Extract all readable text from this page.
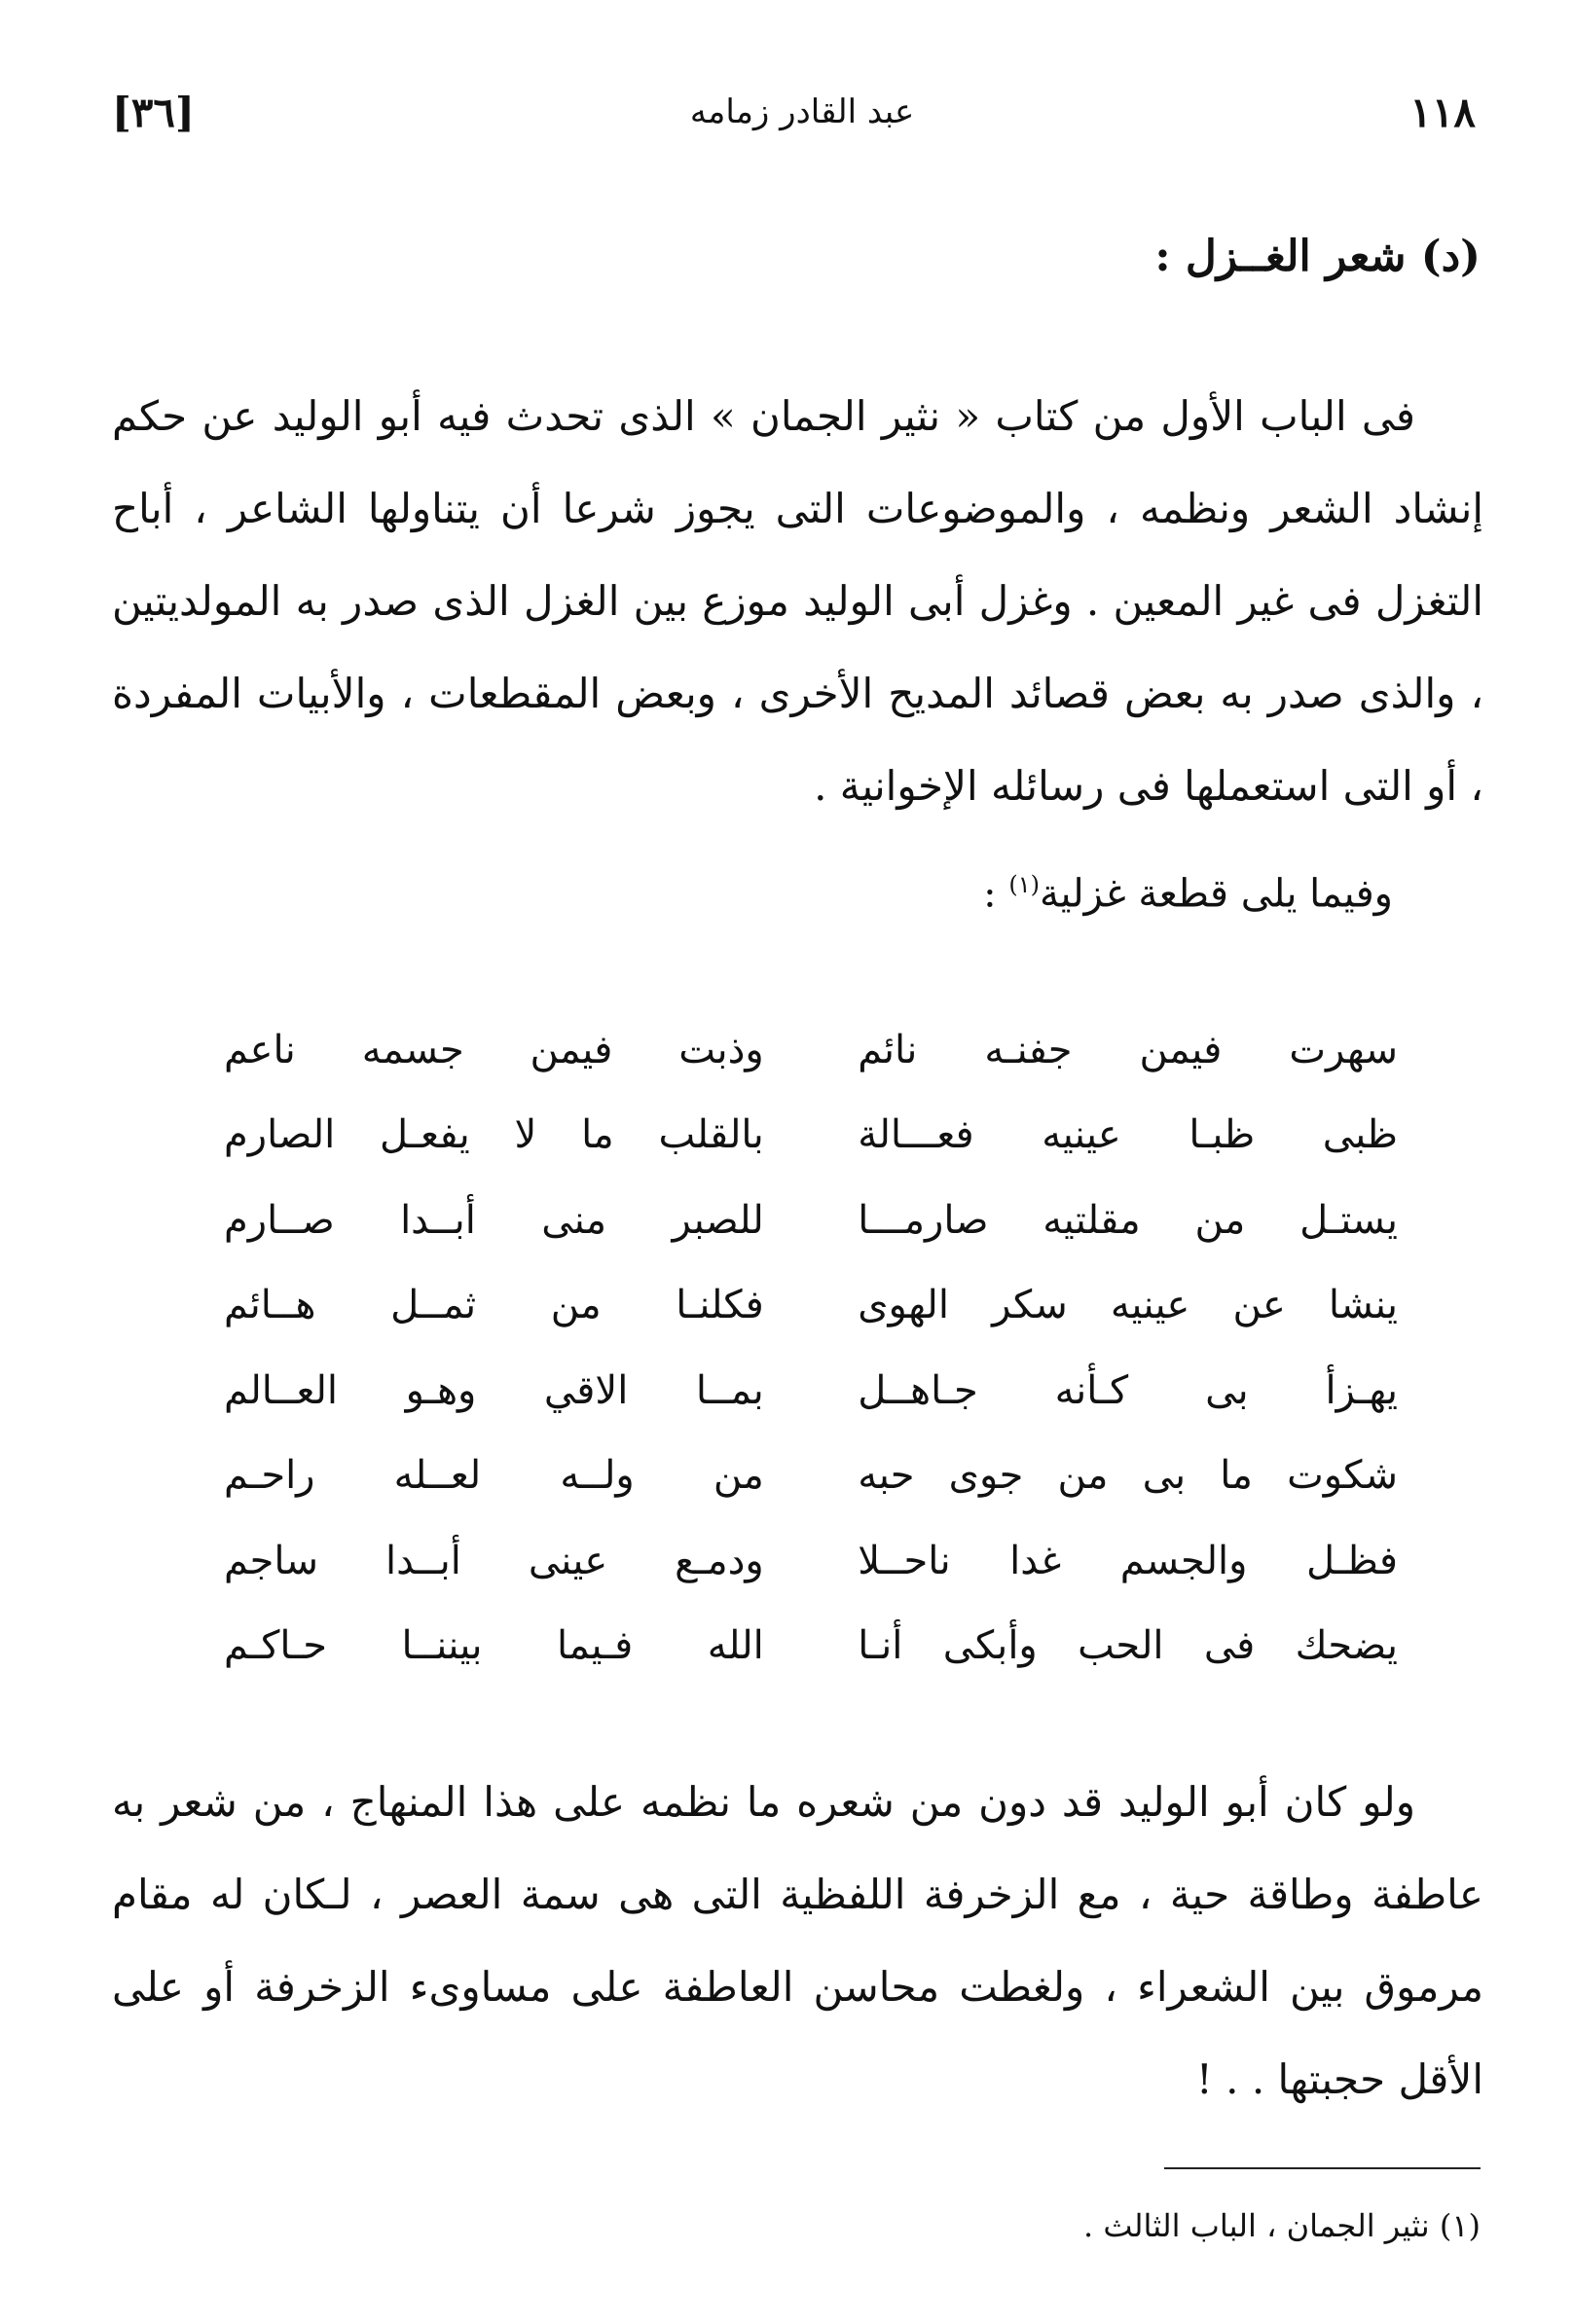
[٣٦]	عبد القادر زمامه	١١٨
(د) شعر الغــزل :
فى الباب الأول من كتاب « نثير الجمان » الذى تحدث فيه أبو الوليد عن حكم إنشاد الشعر ونظمه ، والموضوعات التى يجوز شرعا أن يتناولها الشاعر ، أباح التغزل فى غير المعين . وغزل أبى الوليد موزع بين الغزل الذى صدر به المولديتين ، والذى صدر به بعض قصائد المديح الأخرى ، وبعض المقطعات ، والأبيات المفردة ، أو التى استعملها فى رسائله الإخوانية .
وفيما يلى قطعة غزلية$^{(١)}$ :
سهرت فيمن جفنـه نائم
وذبت فيمن جسمه ناعم
ظبى ظبـا عينيه فعـــالة
بالقلب ما لا يفعـل الصارم
يستـل من مقلتيه صارمـــا
للصبر منى أبــدا صــارم
ينشا عن عينيه سكر الهوى
فكلنـا من ثمــل هــائم
يهـزأ بى كـأنه جـاهــل
بمــا الاقي وهـو العــالم
شكوت ما بى من جوى حبه
من ولــه لعــله راحـم
فظـل والجسم غدا ناحــلا
ودمـع عينى أبــدا ساجم
يضحك فى الحب وأبكى أنـا
الله فـيما بيننــا حـاكـم
ولو كان أبو الوليد قد دون من شعره ما نظمه على هذا المنهاج ، من شعر به عاطفة وطاقة حية ، مع الزخرفة اللفظية التى هى سمة العصر ، لـكان له مقام مرموق بين الشعراء ، ولغطت محاسن العاطفة على مساوىء الزخرفة أو على الأقل حجبتها . . !
(١) نثير الجمان ، الباب الثالث .
